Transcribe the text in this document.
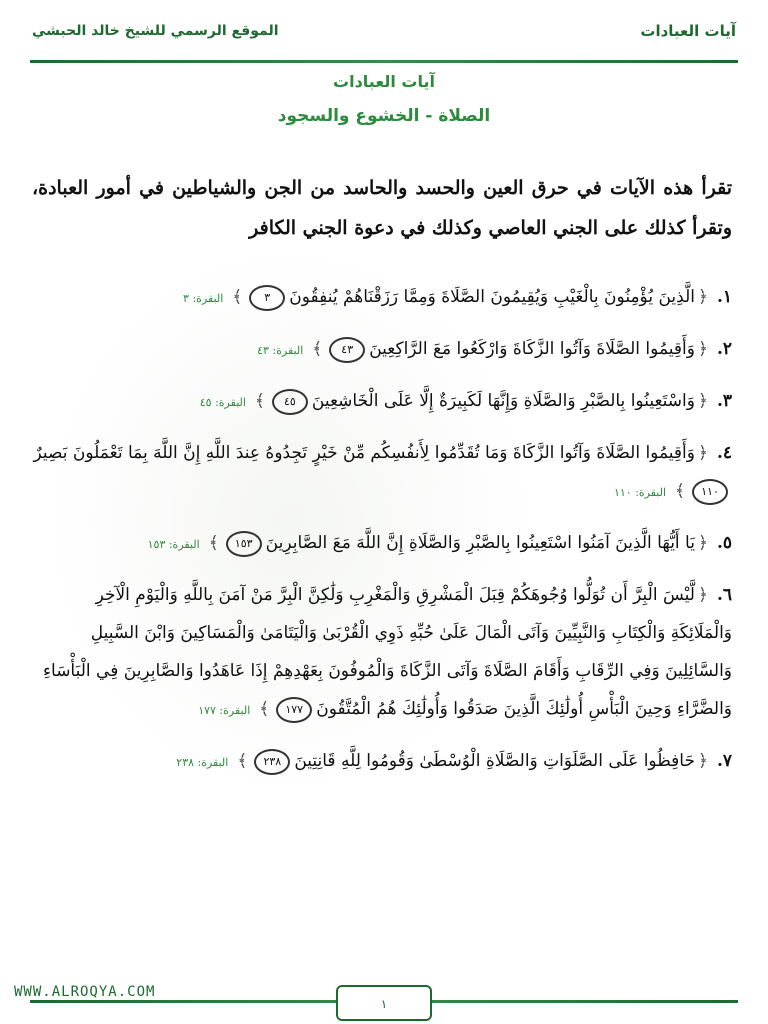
آيات العبادات
الموقع الرسمي للشيخ خالد الحبشي
آيات العبادات
الصلاة - الخشوع والسجود
تقرأ هذه الآيات في حرق العين والحسد والحاسد من الجن والشياطين في أمور العبادة، وتقرأ كذلك على الجني العاصي وكذلك في دعوة الجني الكافر

١.﴿الَّذِينَ يُؤْمِنُونَ بِالْغَيْبِ وَيُقِيمُونَ الصَّلَاةَ وَمِمَّا رَزَقْنَاهُمْ يُنفِقُونَ٣﴾البقرة: ٣

٢.﴿وَأَقِيمُوا الصَّلَاةَ وَآتُوا الزَّكَاةَ وَارْكَعُوا مَعَ الرَّاكِعِينَ٤٣﴾البقرة: ٤٣

٣.﴿وَاسْتَعِينُوا بِالصَّبْرِ وَالصَّلَاةِ وَإِنَّهَا لَكَبِيرَةٌ إِلَّا عَلَى الْخَاشِعِينَ٤٥﴾البقرة: ٤٥

٤.﴿وَأَقِيمُوا الصَّلَاةَ وَآتُوا الزَّكَاةَ وَمَا تُقَدِّمُوا لِأَنفُسِكُم مِّنْ خَيْرٍ تَجِدُوهُ عِندَ اللَّهِ إِنَّ اللَّهَ بِمَا تَعْمَلُونَ بَصِيرٌ١١٠﴾البقرة: ١١٠

٥.﴿يَا أَيُّهَا الَّذِينَ آمَنُوا اسْتَعِينُوا بِالصَّبْرِ وَالصَّلَاةِ إِنَّ اللَّهَ مَعَ الصَّابِرِينَ١٥٣﴾البقرة: ١٥٣

٦.﴿لَّيْسَ الْبِرَّ أَن تُوَلُّوا وُجُوهَكُمْ قِبَلَ الْمَشْرِقِ وَالْمَغْرِبِ وَلَٰكِنَّ الْبِرَّ مَنْ آمَنَ بِاللَّهِ وَالْيَوْمِ الْآخِرِ وَالْمَلَائِكَةِ وَالْكِتَابِ وَالنَّبِيِّينَ وَآتَى الْمَالَ عَلَىٰ حُبِّهِ ذَوِي الْقُرْبَىٰ وَالْيَتَامَىٰ وَالْمَسَاكِينَ وَابْنَ السَّبِيلِ وَالسَّائِلِينَ وَفِي الرِّقَابِ وَأَقَامَ الصَّلَاةَ وَآتَى الزَّكَاةَ وَالْمُوفُونَ بِعَهْدِهِمْ إِذَا عَاهَدُوا وَالصَّابِرِينَ فِي الْبَأْسَاءِ وَالضَّرَّاءِ وَحِينَ الْبَأْسِ أُولَٰئِكَ الَّذِينَ صَدَقُوا وَأُولَٰئِكَ هُمُ الْمُتَّقُونَ١٧٧﴾البقرة: ١٧٧

٧.﴿حَافِظُوا عَلَى الصَّلَوَاتِ وَالصَّلَاةِ الْوُسْطَىٰ وَقُومُوا لِلَّهِ قَانِتِينَ٢٣٨﴾البقرة: ٢٣٨

WWW.ALROQYA.COM
١
